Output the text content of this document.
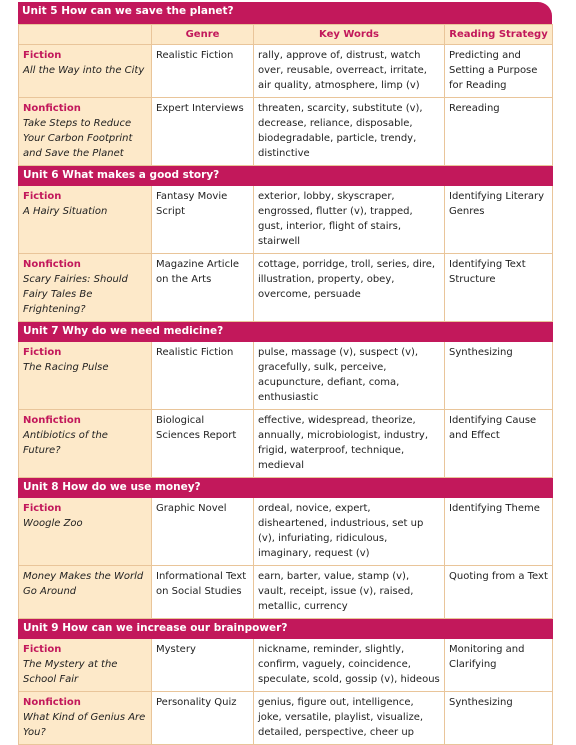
Unit 5 How can we save the planet?
	Genre	Key Words	Reading Strategy

Fiction
All the Way into the City	Realistic Fiction	rally, approve of, distrust, watch over, reusable, overreact, irritate, air quality, atmosphere, limp (v)	Predicting and Setting a Purpose for Reading

Nonfiction
Take Steps to Reduce Your Carbon Footprint and Save the Planet	Expert Interviews	threaten, scarcity, substitute (v), decrease, reliance, disposable, biodegradable, particle, trendy, distinctive	Rereading
Unit 6 What makes a good story?			

Fiction
A Hairy Situation	Fantasy Movie Script	exterior, lobby, skyscraper, engrossed, flutter (v), trapped, gust, interior, flight of stairs, stairwell	Identifying Literary Genres

Nonfiction
Scary Fairies: Should Fairy Tales Be Frightening?	Magazine Article on the Arts	cottage, porridge, troll, series, dire, illustration, property, obey, overcome, persuade	Identifying Text Structure
Unit 7 Why do we need medicine?			

Fiction
The Racing Pulse	Realistic Fiction	pulse, massage (v), suspect (v), gracefully, sulk, perceive, acupuncture, defiant, coma, enthusiastic	Synthesizing

Nonfiction
Antibiotics of the Future?	Biological Sciences Report	effective, widespread, theorize, annually, microbiologist, industry, frigid, waterproof, technique, medieval	Identifying Cause and Effect
Unit 8 How do we use money?			

Fiction
Woogle Zoo	Graphic Novel	ordeal, novice, expert, disheartened, industrious, set up (v), infuriating, ridiculous, imaginary, request (v)	Identifying Theme

Money Makes the World Go Around	Informational Text on Social Studies	earn, barter, value, stamp (v), vault, receipt, issue (v), raised, metallic, currency	Quoting from a Text
Unit 9 How can we increase our brainpower?			

Fiction
The Mystery at the School Fair	Mystery	nickname, reminder, slightly, confirm, vaguely, coincidence, speculate, scold, gossip (v), hideous	Monitoring and Clarifying

Nonfiction
What Kind of Genius Are You?	Personality Quiz	genius, figure out, intelligence, joke, versatile, playlist, visualize, detailed, perspective, cheer up	Synthesizing
